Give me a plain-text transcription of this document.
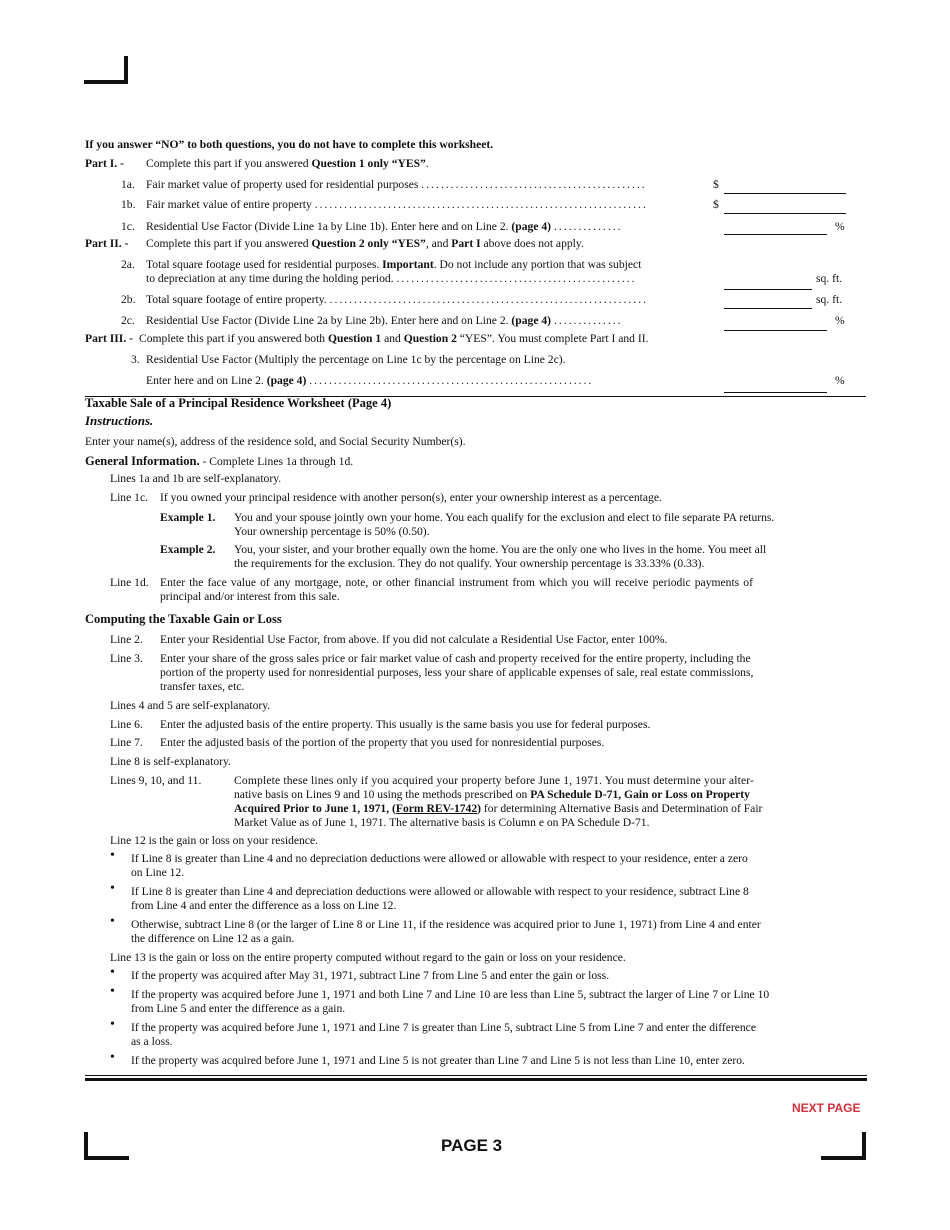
If you answer “NO” to both questions, you do not have to complete this worksheet.
Part I. - Complete this part if you answered Question 1 only “YES”.
1a. Fair market value of property used for residential purposes ..............................................	$
1b. Fair market value of entire property ....................................................................	$
1c. Residential Use Factor (Divide Line 1a by Line 1b). Enter here and on Line 2. (page 4) ..............	%
Part II. - Complete this part if you answered Question 2 only “YES”, and Part I above does not apply.
2a. Total square footage used for residential purposes. Important. Do not include any portion that was subject
to depreciation at any time during the holding period. .................................................	sq. ft.
2b. Total square footage of entire property. .................................................................	sq. ft.
2c. Residential Use Factor (Divide Line 2a by Line 2b). Enter here and on Line 2. (page 4) ..............	%
Part III. - Complete this part if you answered both Question 1 and Question 2 “YES”. You must complete Part I and II.
3. Residential Use Factor (Multiply the percentage on Line 1c by the percentage on Line 2c).
Enter here and on Line 2. (page 4) ..........................................................	%
Taxable Sale of a Principal Residence Worksheet (Page 4)
Instructions.
Enter your name(s), address of the residence sold, and Social Security Number(s).
General Information. - Complete Lines 1a through 1d.
Lines 1a and 1b are self-explanatory.
Line 1c. If you owned your principal residence with another person(s), enter your ownership interest as a percentage.
Example 1. You and your spouse jointly own your home. You each qualify for the exclusion and elect to file separate PA returns.
Your ownership percentage is 50% (0.50).
Example 2. You, your sister, and your brother equally own the home. You are the only one who lives in the home. You meet all
the requirements for the exclusion. They do not qualify. Your ownership percentage is 33.33% (0.33).
Line 1d. Enter the face value of any mortgage, note, or other financial instrument from which you will receive periodic payments of
principal and/or interest from this sale.
Computing the Taxable Gain or Loss
Line 2. Enter your Residential Use Factor, from above. If you did not calculate a Residential Use Factor, enter 100%.
Line 3. Enter your share of the gross sales price or fair market value of cash and property received for the entire property, including the
portion of the property used for nonresidential purposes, less your share of applicable expenses of sale, real estate commissions,
transfer taxes, etc.
Lines 4 and 5 are self-explanatory.
Line 6. Enter the adjusted basis of the entire property. This usually is the same basis you use for federal purposes.
Line 7. Enter the adjusted basis of the portion of the property that you used for nonresidential purposes.
Line 8 is self-explanatory.
Lines 9, 10, and 11.	Complete these lines only if you acquired your property before June 1, 1971. You must determine your alter-
native basis on Lines 9 and 10 using the methods prescribed on PA Schedule D-71, Gain or Loss on Property
Acquired Prior to June 1, 1971, (Form REV-1742) for determining Alternative Basis and Determination of Fair
Market Value as of June 1, 1971. The alternative basis is Column e on PA Schedule D-71.
Line 12 is the gain or loss on your residence.
• If Line 8 is greater than Line 4 and no depreciation deductions were allowed or allowable with respect to your residence, enter a zero
on Line 12.
• If Line 8 is greater than Line 4 and depreciation deductions were allowed or allowable with respect to your residence, subtract Line 8
from Line 4 and enter the difference as a loss on Line 12.
• Otherwise, subtract Line 8 (or the larger of Line 8 or Line 11, if the residence was acquired prior to June 1, 1971) from Line 4 and enter
the difference on Line 12 as a gain.
Line 13 is the gain or loss on the entire property computed without regard to the gain or loss on your residence.
• If the property was acquired after May 31, 1971, subtract Line 7 from Line 5 and enter the gain or loss.
• If the property was acquired before June 1, 1971 and both Line 7 and Line 10 are less than Line 5, subtract the larger of Line 7 or Line 10
from Line 5 and enter the difference as a gain.
• If the property was acquired before June 1, 1971 and Line 7 is greater than Line 5, subtract Line 5 from Line 7 and enter the difference
as a loss.
• If the property was acquired before June 1, 1971 and Line 5 is not greater than Line 7 and Line 5 is not less than Line 10, enter zero.
NEXT PAGE
PAGE 3
